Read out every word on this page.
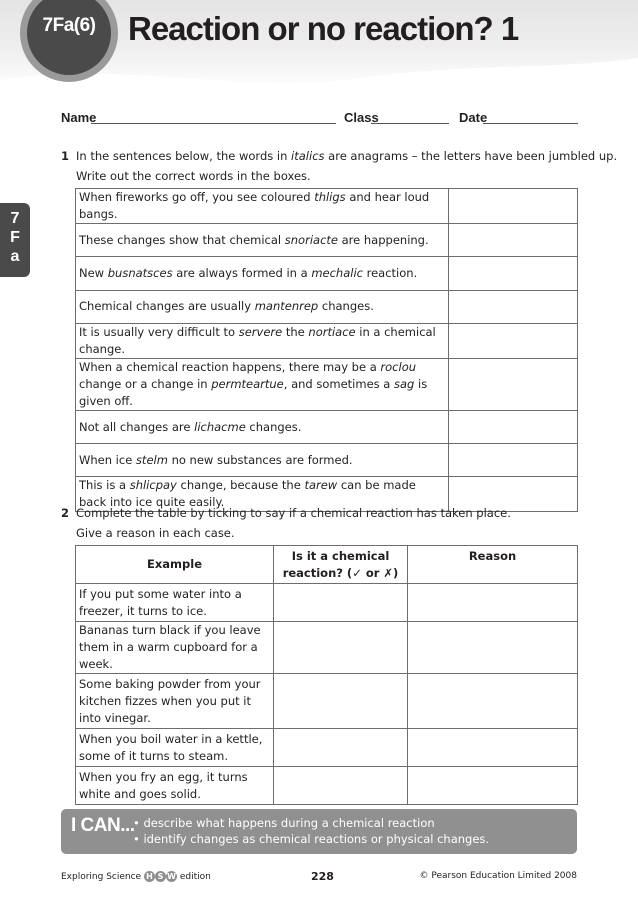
7Fa(6) Reaction or no reaction? 1
7
F
a
Name	Class	Date
1 In the sentences below, the words in italics are anagrams – the letters have been jumbled up.
Write out the correct words in the boxes.
When fireworks go off, you see coloured thligs and hear loud bangs.	
These changes show that chemical snoriacte are happening.	
New busnatsces are always formed in a mechalic reaction.	
Chemical changes are usually mantenrep changes.	
It is usually very difficult to servere the nortiace in a chemical change.	
When a chemical reaction happens, there may be a roclou change or a change in permteartue, and sometimes a sag is given off.	
Not all changes are lichacme changes.	
When ice stelm no new substances are formed.	
This is a shlicpay change, because the tarew can be made back into ice quite easily.	
2 Complete the table by ticking to say if a chemical reaction has taken place.
Give a reason in each case.
Example	Is it a chemical reaction? (✓ or ✗)	Reason
If you put some water into a freezer, it turns to ice.		
Bananas turn black if you leave them in a warm cupboard for a week.		
Some baking powder from your kitchen fizzes when you put it into vinegar.		
When you boil water in a kettle, some of it turns to steam.		
When you fry an egg, it turns white and goes solid.		
I CAN...
• describe what happens during a chemical reaction
• identify changes as chemical reactions or physical changes.
Exploring Science H S W edition	228	© Pearson Education Limited 2008
